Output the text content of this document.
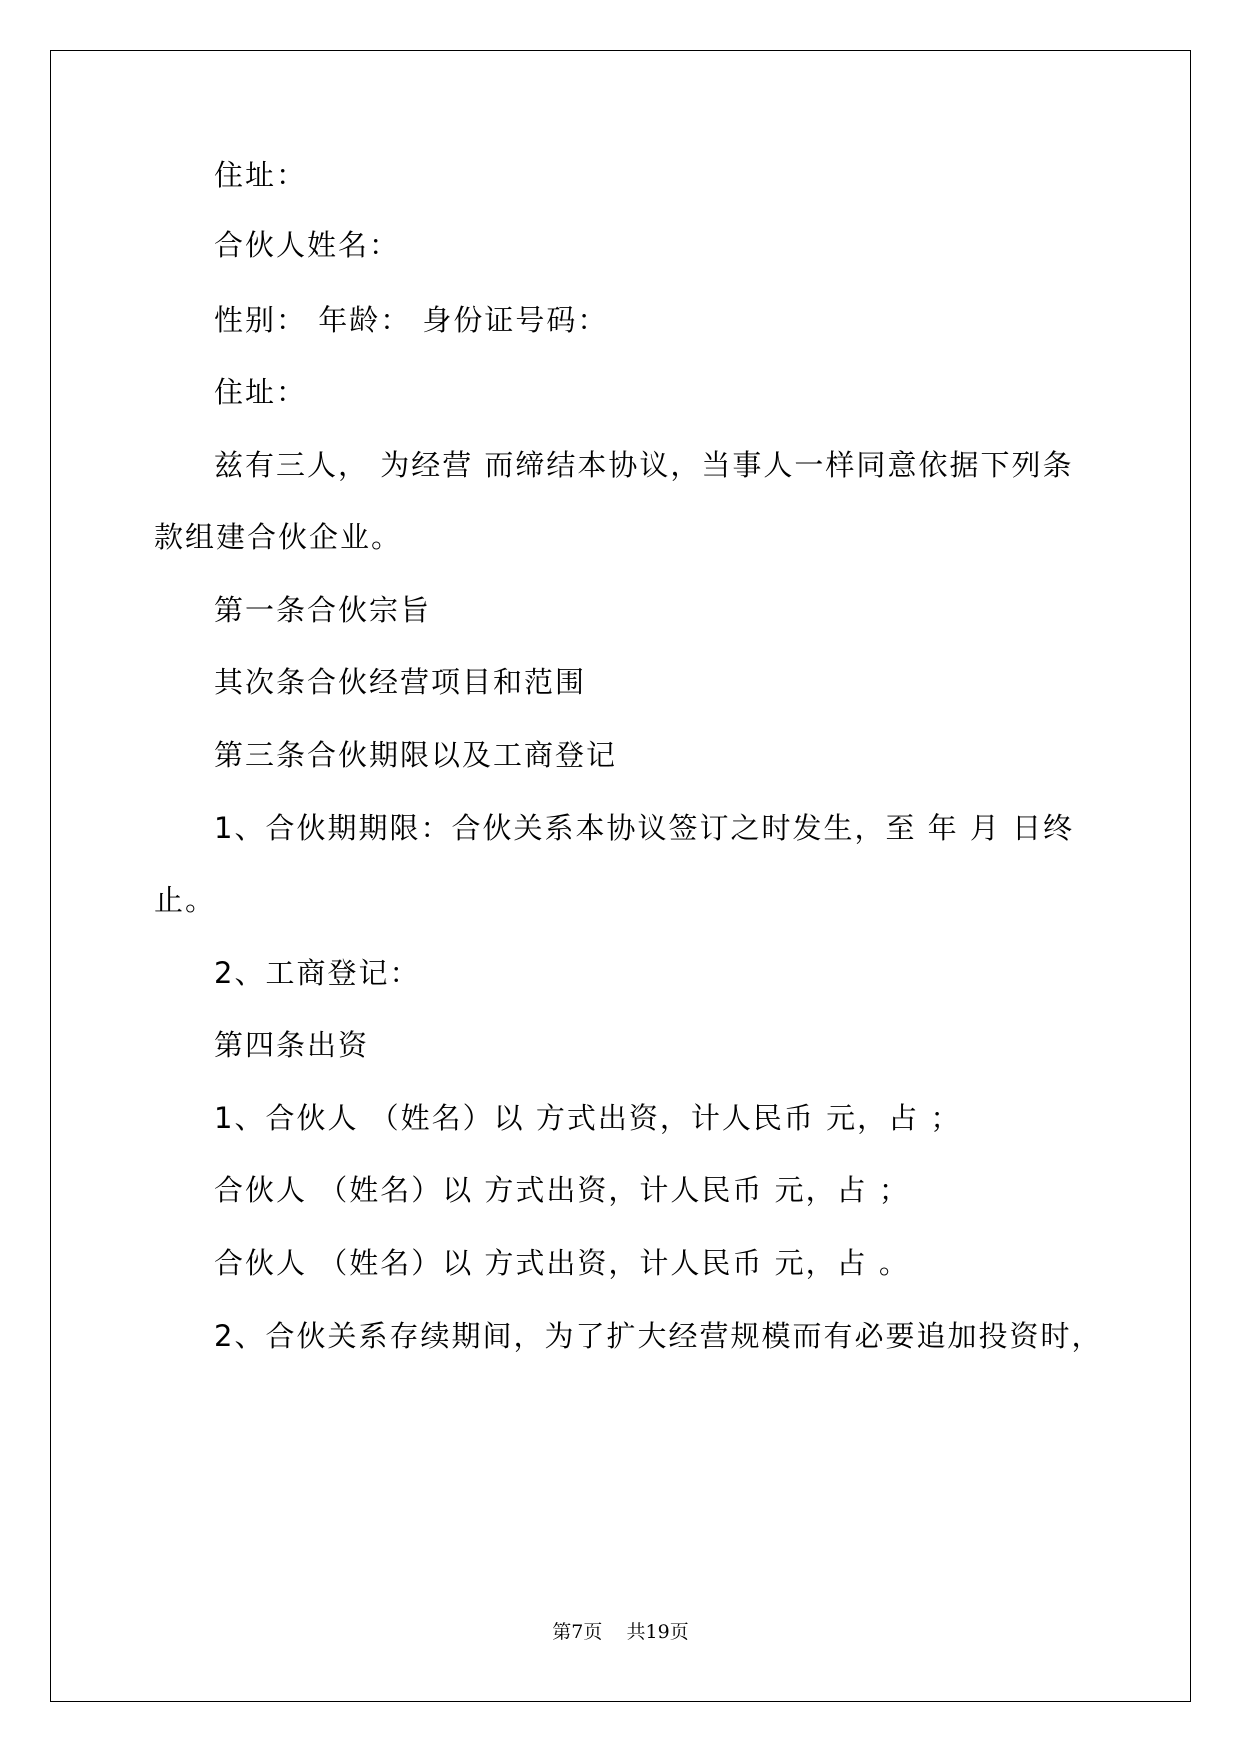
住址：
合伙人姓名：
性别： 年龄： 身份证号码：
住址：
兹有三人， 为经营 而缔结本协议，当事人一样同意依据下列条
款组建合伙企业。
第一条合伙宗旨
其次条合伙经营项目和范围
第三条合伙期限以及工商登记
1、合伙期期限：合伙关系本协议签订之时发生，至 年 月 日终
止。
2、工商登记：
第四条出资
1、合伙人 （姓名）以 方式出资，计人民币 元，占 ；
合伙人 （姓名）以 方式出资，计人民币 元，占 ；
合伙人 （姓名）以 方式出资，计人民币 元，占 。
2、合伙关系存续期间，为了扩大经营规模而有必要追加投资时，
第7页 共19页
